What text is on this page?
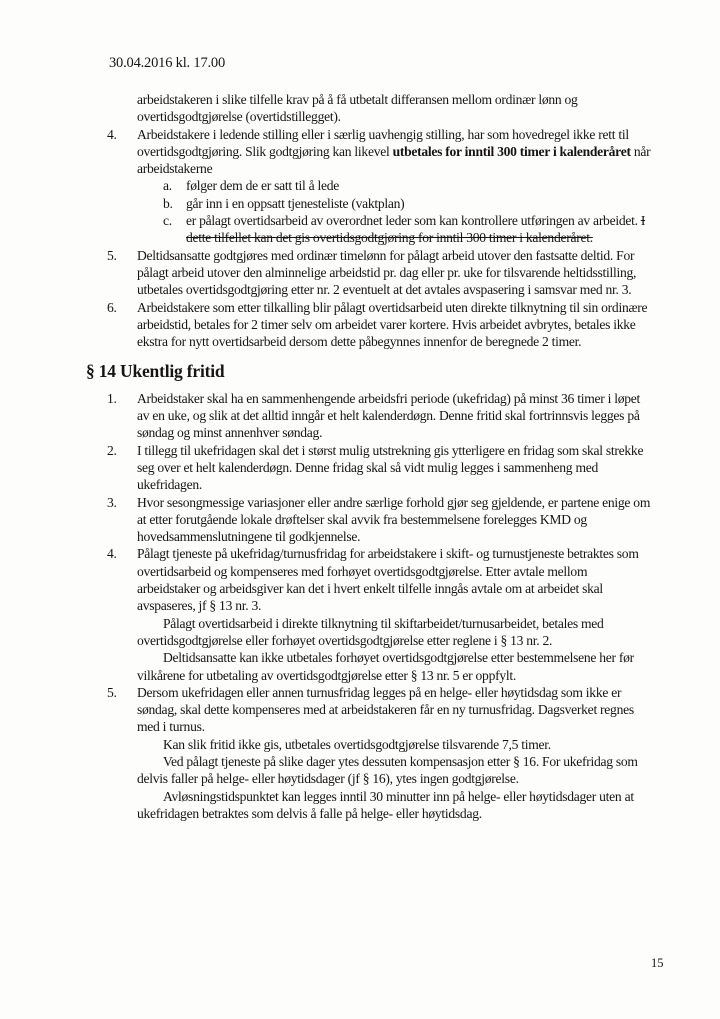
30.04.2016 kl. 17.00

arbeidstakeren i slike tilfelle krav på å få utbetalt differansen mellom ordinær lønn og overtidsgodtgjørelse (overtidstillegget).

4.	Arbeidstakere i ledende stilling eller i særlig uavhengig stilling, har som hovedregel ikke rett til overtidsgodtgjøring. Slik godtgjøring kan likevel utbetales for inntil 300 timer i kalenderåret når arbeidstakerne
a.	følger dem de er satt til å lede
b. går inn i en oppsatt tjenesteliste (vaktplan)
c.	er pålagt overtidsarbeid av overordnet leder som kan kontrollere utføringen av arbeidet. I dette tilfellet kan det gis overtidsgodtgjøring for inntil 300 timer i kalenderåret.
5.	Deltidsansatte godtgjøres med ordinær timelønn for pålagt arbeid utover den fastsatte deltid. For pålagt arbeid utover den alminnelige arbeidstid pr. dag eller pr. uke for tilsvarende heltidsstilling, utbetales overtidsgodtgjøring etter nr. 2 eventuelt at det avtales avspasering i samsvar med nr. 3.
6.	Arbeidstakere som etter tilkalling blir pålagt overtidsarbeid uten direkte tilknytning til sin ordinære arbeidstid, betales for 2 timer selv om arbeidet varer kortere. Hvis arbeidet avbrytes, betales ikke ekstra for nytt overtidsarbeid dersom dette påbegynnes innenfor de beregnede 2 timer.
§ 14 Ukentlig fritid
1.	Arbeidstaker skal ha en sammenhengende arbeidsfri periode (ukefridag) på minst 36 timer i løpet av en uke, og slik at det alltid inngår et helt kalenderdøgn. Denne fritid skal fortrinnsvis legges på søndag og minst annenhver søndag.
2.	I tillegg til ukefridagen skal det i størst mulig utstrekning gis ytterligere en fridag som skal strekke seg over et helt kalenderdøgn. Denne fridag skal så vidt mulig legges i sammenheng med ukefridagen.
3.	Hvor sesongmessige variasjoner eller andre særlige forhold gjør seg gjeldende, er partene enige om at etter forutgående lokale drøftelser skal avvik fra bestemmelsene forelegges KMD og hovedsammenslutningene til godkjennelse.
4.	Pålagt tjeneste på ukefridag/turnusfridag for arbeidstakere i skift- og turnustjeneste betraktes som overtidsarbeid og kompenseres med forhøyet overtidsgodtgjørelse. Etter avtale mellom arbeidstaker og arbeidsgiver kan det i hvert enkelt tilfelle inngås avtale om at arbeidet skal avspaseres, jf § 13 nr. 3.

Pålagt overtidsarbeid i direkte tilknytning til skiftarbeidet/turnusarbeidet, betales med overtidsgodtgjørelse eller forhøyet overtidsgodtgjørelse etter reglene i § 13 nr. 2.

Deltidsansatte kan ikke utbetales forhøyet overtidsgodtgjørelse etter bestemmelsene her før vilkårene for utbetaling av overtidsgodtgjørelse etter § 13 nr. 5 er oppfylt.

5.	Dersom ukefridagen eller annen turnusfridag legges på en helge- eller høytidsdag som ikke er søndag, skal dette kompenseres med at arbeidstakeren får en ny turnusfridag. Dagsverket regnes med i turnus.

Kan slik fritid ikke gis, utbetales overtidsgodtgjørelse tilsvarende 7,5 timer.

Ved pålagt tjeneste på slike dager ytes dessuten kompensasjon etter § 16. For ukefridag som delvis faller på helge- eller høytidsdager (jf § 16), ytes ingen godtgjørelse.

Avløsningstidspunktet kan legges inntil 30 minutter inn på helge- eller høytidsdager uten at ukefridagen betraktes som delvis å falle på helge- eller høytidsdag.

15
